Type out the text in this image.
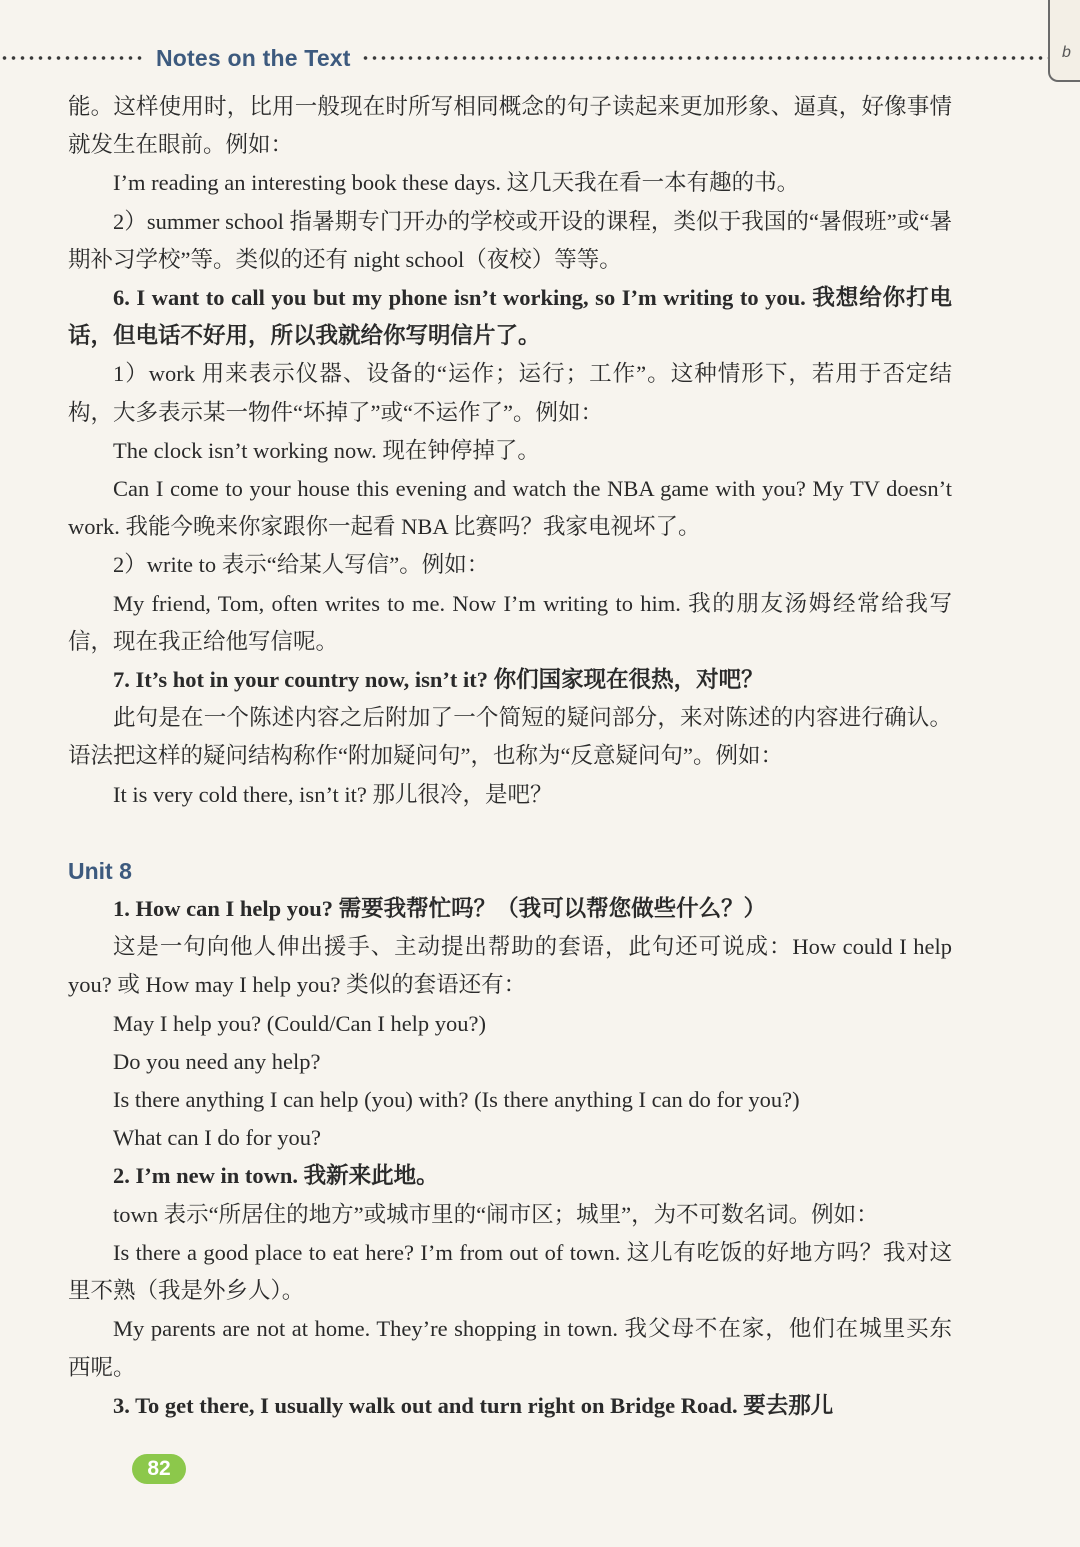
Notes on the Text	b

能。这样使用时，比用一般现在时所写相同概念的句子读起来更加形象、逼真，好像事情就发生在眼前。例如：

I’m reading an interesting book these days. 这几天我在看一本有趣的书。

2）summer school 指暑期专门开办的学校或开设的课程，类似于我国的“暑假班”或“暑期补习学校”等。类似的还有 night school（夜校）等等。

6. I want to call you but my phone isn’t working, so I’m writing to you. 我想给你打电话，但电话不好用，所以我就给你写明信片了。

1）work 用来表示仪器、设备的“运作；运行；工作”。这种情形下，若用于否定结构，大多表示某一物件“坏掉了”或“不运作了”。例如：

The clock isn’t working now. 现在钟停掉了。

Can I come to your house this evening and watch the NBA game with you? My TV doesn’t work. 我能今晚来你家跟你一起看 NBA 比赛吗？我家电视坏了。

2）write to 表示“给某人写信”。例如：

My friend, Tom, often writes to me. Now I’m writing to him. 我的朋友汤姆经常给我写信，现在我正给他写信呢。

7. It’s hot in your country now, isn’t it? 你们国家现在很热，对吧？

此句是在一个陈述内容之后附加了一个简短的疑问部分，来对陈述的内容进行确认。语法把这样的疑问结构称作“附加疑问句”，也称为“反意疑问句”。例如：

It is very cold there, isn’t it? 那儿很冷，是吧？

Unit 8

1. How can I help you? 需要我帮忙吗？（我可以帮您做些什么？）

这是一句向他人伸出援手、主动提出帮助的套语，此句还可说成：How could I help you? 或 How may I help you? 类似的套语还有：

May I help you? (Could/Can I help you?)

Do you need any help?

Is there anything I can help (you) with? (Is there anything I can do for you?)

What can I do for you?

2. I’m new in town. 我新来此地。

town 表示“所居住的地方”或城市里的“闹市区；城里”，为不可数名词。例如：

Is there a good place to eat here? I’m from out of town. 这儿有吃饭的好地方吗？我对这里不熟（我是外乡人）。

My parents are not at home. They’re shopping in town. 我父母不在家，他们在城里买东西呢。

3. To get there, I usually walk out and turn right on Bridge Road. 要去那儿

82
